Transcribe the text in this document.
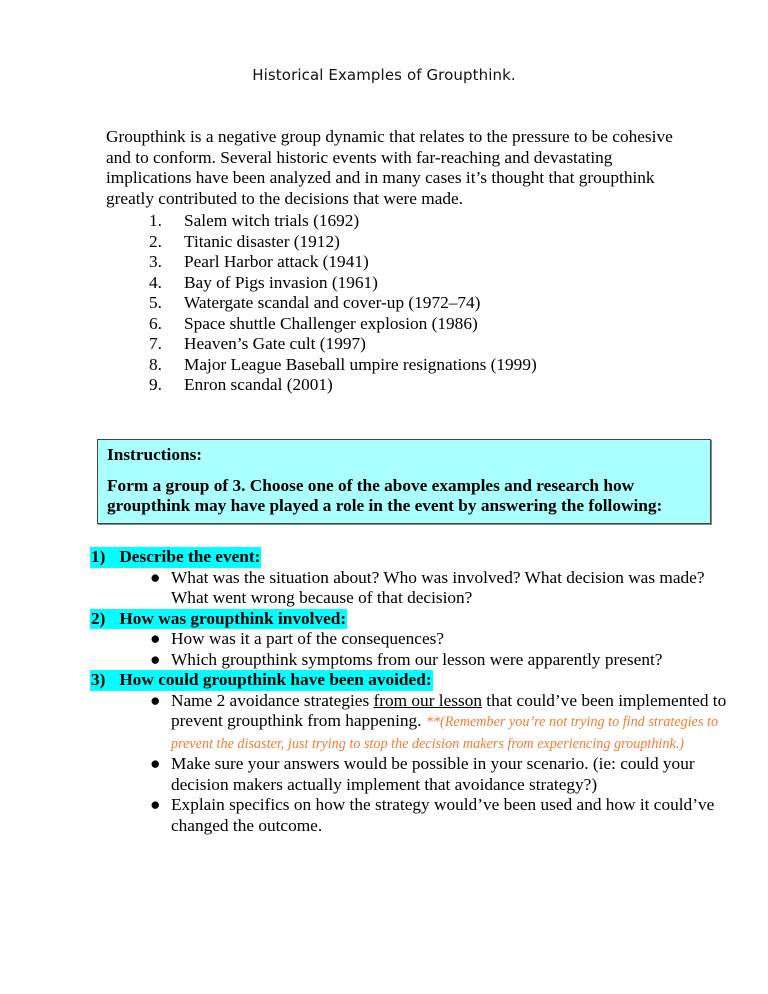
Historical Examples of Groupthink.
Groupthink is a negative group dynamic that relates to the pressure to be cohesive and to conform. Several historic events with far-reaching and devastating implications have been analyzed and in many cases it’s thought that groupthink greatly contributed to the decisions that were made.
1.	Salem witch trials (1692)
2.	Titanic disaster (1912)
3.	Pearl Harbor attack (1941)
4.	Bay of Pigs invasion (1961)
5.	Watergate scandal and cover-up (1972–74)
6.	Space shuttle Challenger explosion (1986)
7.	Heaven’s Gate cult (1997)
8.	Major League Baseball umpire resignations (1999)
9.	Enron scandal (2001)
Instructions:
Form a group of 3. Choose one of the above examples and research how groupthink may have played a role in the event by answering the following:
1) Describe the event:
● What was the situation about? Who was involved? What decision was made? What went wrong because of that decision?
2) How was groupthink involved:
● How was it a part of the consequences?
● Which groupthink symptoms from our lesson were apparently present?
3) How could groupthink have been avoided:
● Name 2 avoidance strategies from our lesson that could’ve been implemented to prevent groupthink from happening. **(Remember you’re not trying to find strategies to prevent the disaster, just trying to stop the decision makers from experiencing groupthink.)
● Make sure your answers would be possible in your scenario. (ie: could your decision makers actually implement that avoidance strategy?)
● Explain specifics on how the strategy would’ve been used and how it could’ve changed the outcome.
